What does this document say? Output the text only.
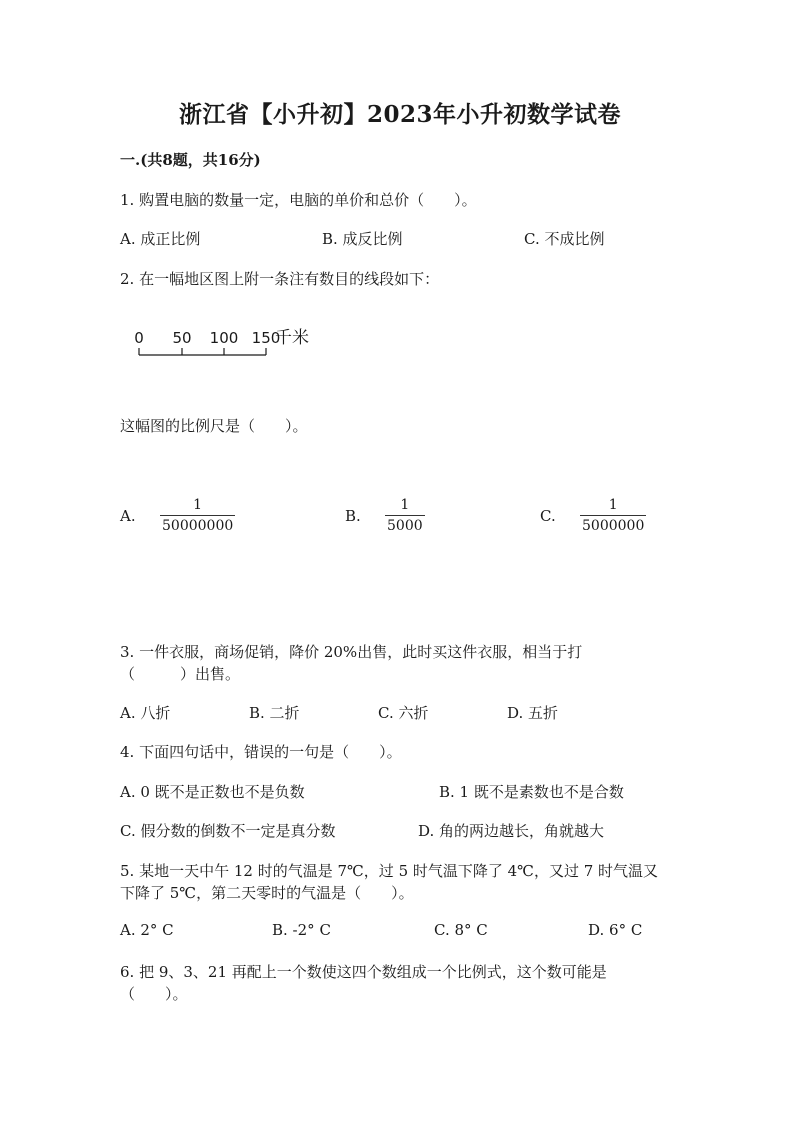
浙江省【小升初】2023年小升初数学试卷
一.(共8题，共16分)
1. 购置电脑的数量一定，电脑的单价和总价（　　）。
A. 成正比例	B. 成反比例	C. 不成比例
2. 在一幅地区图上附一条注有数目的线段如下：
0 50 100 150
千米
这幅图的比例尺是（　　）。
A.
1
50000000
B.
1
5000
C.
1
5000000
3. 一件衣服，商场促销，降价 20%出售，此时买这件衣服，相当于打
（　　　）出售。
A. 八折	B. 二折	C. 六折	D. 五折
4. 下面四句话中，错误的一句是（　　）。
A. 0 既不是正数也不是负数	B. 1 既不是素数也不是合数
C. 假分数的倒数不一定是真分数	D. 角的两边越长，角就越大
5. 某地一天中午 12 时的气温是 7℃，过 5 时气温下降了 4℃，又过 7 时气温又
下降了 5℃，第二天零时的气温是（　　）。
A. 2° C	B. -2° C	C. 8° C	D. 6° C
6. 把 9、3、21 再配上一个数使这四个数组成一个比例式，这个数可能是
（　　）。
